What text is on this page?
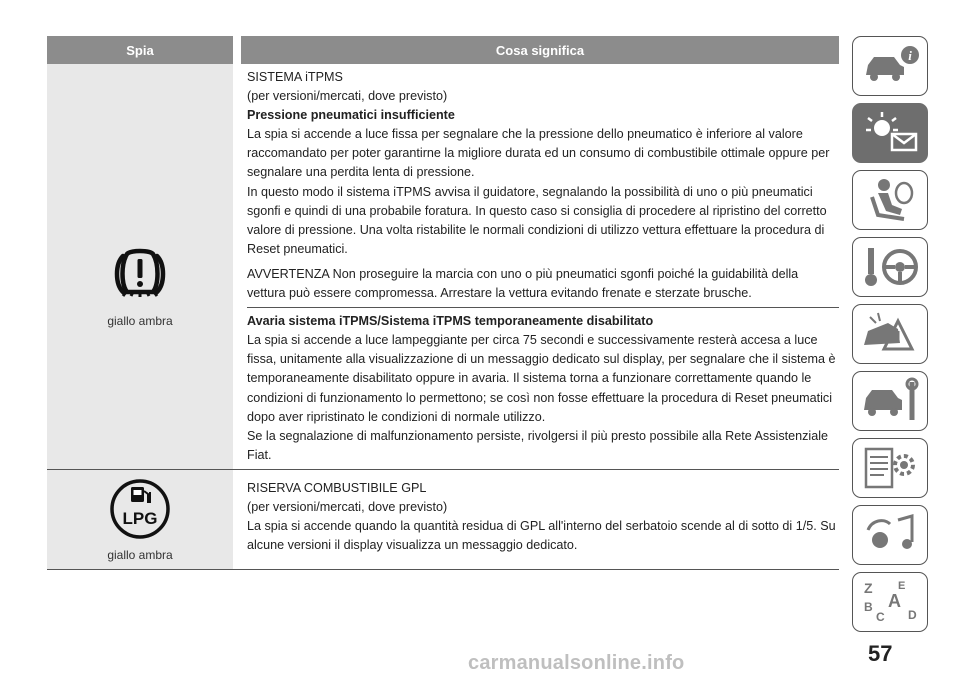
Spia	Cosa significa
giallo ambra

SISTEMA iTPMS

(per versioni/mercati, dove previsto)

Pressione pneumatici insufficiente

La spia si accende a luce fissa per segnalare che la pressione dello pneumatico è inferiore al valore raccomandato per poter garantirne la migliore durata ed un consumo di combustibile ottimale oppure per segnalare una perdita lenta di pressione.

In questo modo il sistema iTPMS avvisa il guidatore, segnalando la possibilità di uno o più pneumatici sgonfi e quindi di una probabile foratura. In questo caso si consiglia di procedere al ripristino del corretto valore di pressione. Una volta ristabilite le normali condizioni di utilizzo vettura effettuare la procedura di Reset pneumatici.

AVVERTENZA Non proseguire la marcia con uno o più pneumatici sgonfi poiché la guidabilità della vettura può essere compromessa. Arrestare la vettura evitando frenate e sterzate brusche.

Avaria sistema iTPMS/Sistema iTPMS temporaneamente disabilitato

La spia si accende a luce lampeggiante per circa 75 secondi e successivamente resterà accesa a luce fissa, unitamente alla visualizzazione di un messaggio dedicato sul display, per segnalare che il sistema è temporaneamente disabilitato oppure in avaria. Il sistema torna a funzionare correttamente quando le condizioni di funzionamento lo permettono; se così non fosse effettuare la procedura di Reset pneumatici dopo aver ripristinato le condizioni di normale utilizzo.

Se la segnalazione di malfunzionamento persiste, rivolgersi il più presto possibile alla Rete Assistenziale Fiat.

LPG
giallo ambra

RISERVA COMBUSTIBILE GPL

(per versioni/mercati, dove previsto)

La spia si accende quando la quantità residua di GPL all'interno del serbatoio scende al di sotto di 1/5. Su alcune versioni il display visualizza un messaggio dedicato.

i
Z E
A
B
C D
57
carmanualsonline.info
